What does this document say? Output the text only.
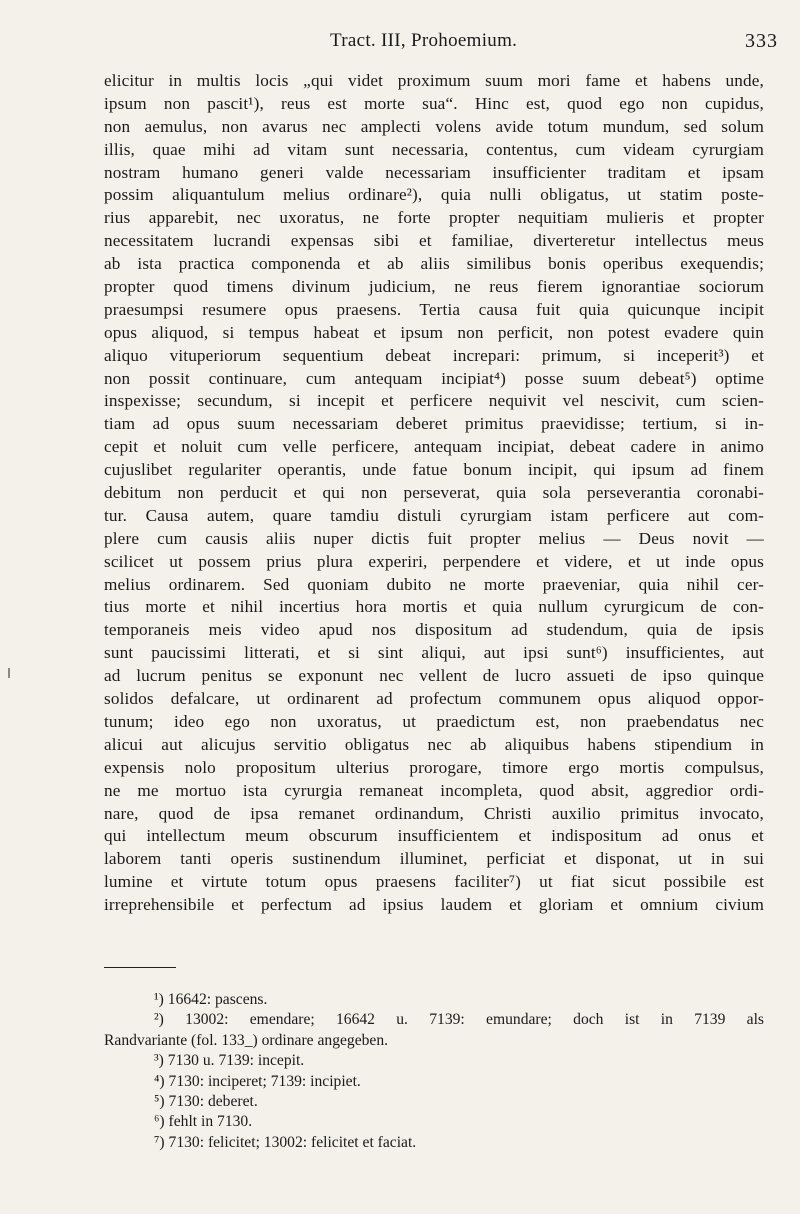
Tract. III, Prohoemium.	333
elicitur in multis locis „qui videt proximum suum mori fame et habens unde,
ipsum non pascit¹), reus est morte sua“. Hinc est, quod ego non cupidus,
non aemulus, non avarus nec amplecti volens avide totum mundum, sed solum
illis, quae mihi ad vitam sunt necessaria, contentus, cum videam cyrurgiam
nostram humano generi valde necessariam insufficienter traditam et ipsam
possim aliquantulum melius ordinare²), quia nulli obligatus, ut statim poste-
rius apparebit, nec uxoratus, ne forte propter nequitiam mulieris et propter
necessitatem lucrandi expensas sibi et familiae, diverteretur intellectus meus
ab ista practica componenda et ab aliis similibus bonis operibus exequendis;
propter quod timens divinum judicium, ne reus fierem ignorantiae sociorum
praesumpsi resumere opus praesens. Tertia causa fuit quia quicunque incipit
opus aliquod, si tempus habeat et ipsum non perficit, non potest evadere quin
aliquo vituperiorum sequentium debeat increpari: primum, si inceperit³) et
non possit continuare, cum antequam incipiat⁴) posse suum debeat⁵) optime
inspexisse; secundum, si incepit et perficere nequivit vel nescivit, cum scien-
tiam ad opus suum necessariam deberet primitus praevidisse; tertium, si in-
cepit et noluit cum velle perficere, antequam incipiat, debeat cadere in animo
cujuslibet regulariter operantis, unde fatue bonum incipit, qui ipsum ad finem
debitum non perducit et qui non perseverat, quia sola perseverantia coronabi-
tur. Causa autem, quare tamdiu distuli cyrurgiam istam perficere aut com-
plere cum causis aliis nuper dictis fuit propter melius — Deus novit —
scilicet ut possem prius plura experiri, perpendere et videre, et ut inde opus
melius ordinarem. Sed quoniam dubito ne morte praeveniar, quia nihil cer-
tius morte et nihil incertius hora mortis et quia nullum cyrurgicum de con-
temporaneis meis video apud nos dispositum ad studendum, quia de ipsis
sunt paucissimi litterati, et si sint aliqui, aut ipsi sunt⁶) insufficientes, aut
ad lucrum penitus se exponunt nec vellent de lucro assueti de ipso quinque
solidos defalcare, ut ordinarent ad profectum communem opus aliquod oppor-
tunum; ideo ego non uxoratus, ut praedictum est, non praebendatus nec
alicui aut alicujus servitio obligatus nec ab aliquibus habens stipendium in
expensis nolo propositum ulterius prorogare, timore ergo mortis compulsus,
ne me mortuo ista cyrurgia remaneat incompleta, quod absit, aggredior ordi-
nare, quod de ipsa remanet ordinandum, Christi auxilio primitus invocato,
qui intellectum meum obscurum insufficientem et indispositum ad onus et
laborem tanti operis sustinendum illuminet, perficiat et disponat, ut in sui
lumine et virtute totum opus praesens faciliter⁷) ut fiat sicut possibile est
irreprehensibile et perfectum ad ipsius laudem et gloriam et omnium civium
¹) 16642: pascens.
²) 13002: emendare; 16642 u. 7139: emundare; doch ist in 7139 als
Randvariante (fol. 133_) ordinare angegeben.
³) 7130 u. 7139: incepit.
⁴) 7130: inciperet; 7139: incipiet.
⁵) 7130: deberet.
⁶) fehlt in 7130.
⁷) 7130: felicitet; 13002: felicitet et faciat.
